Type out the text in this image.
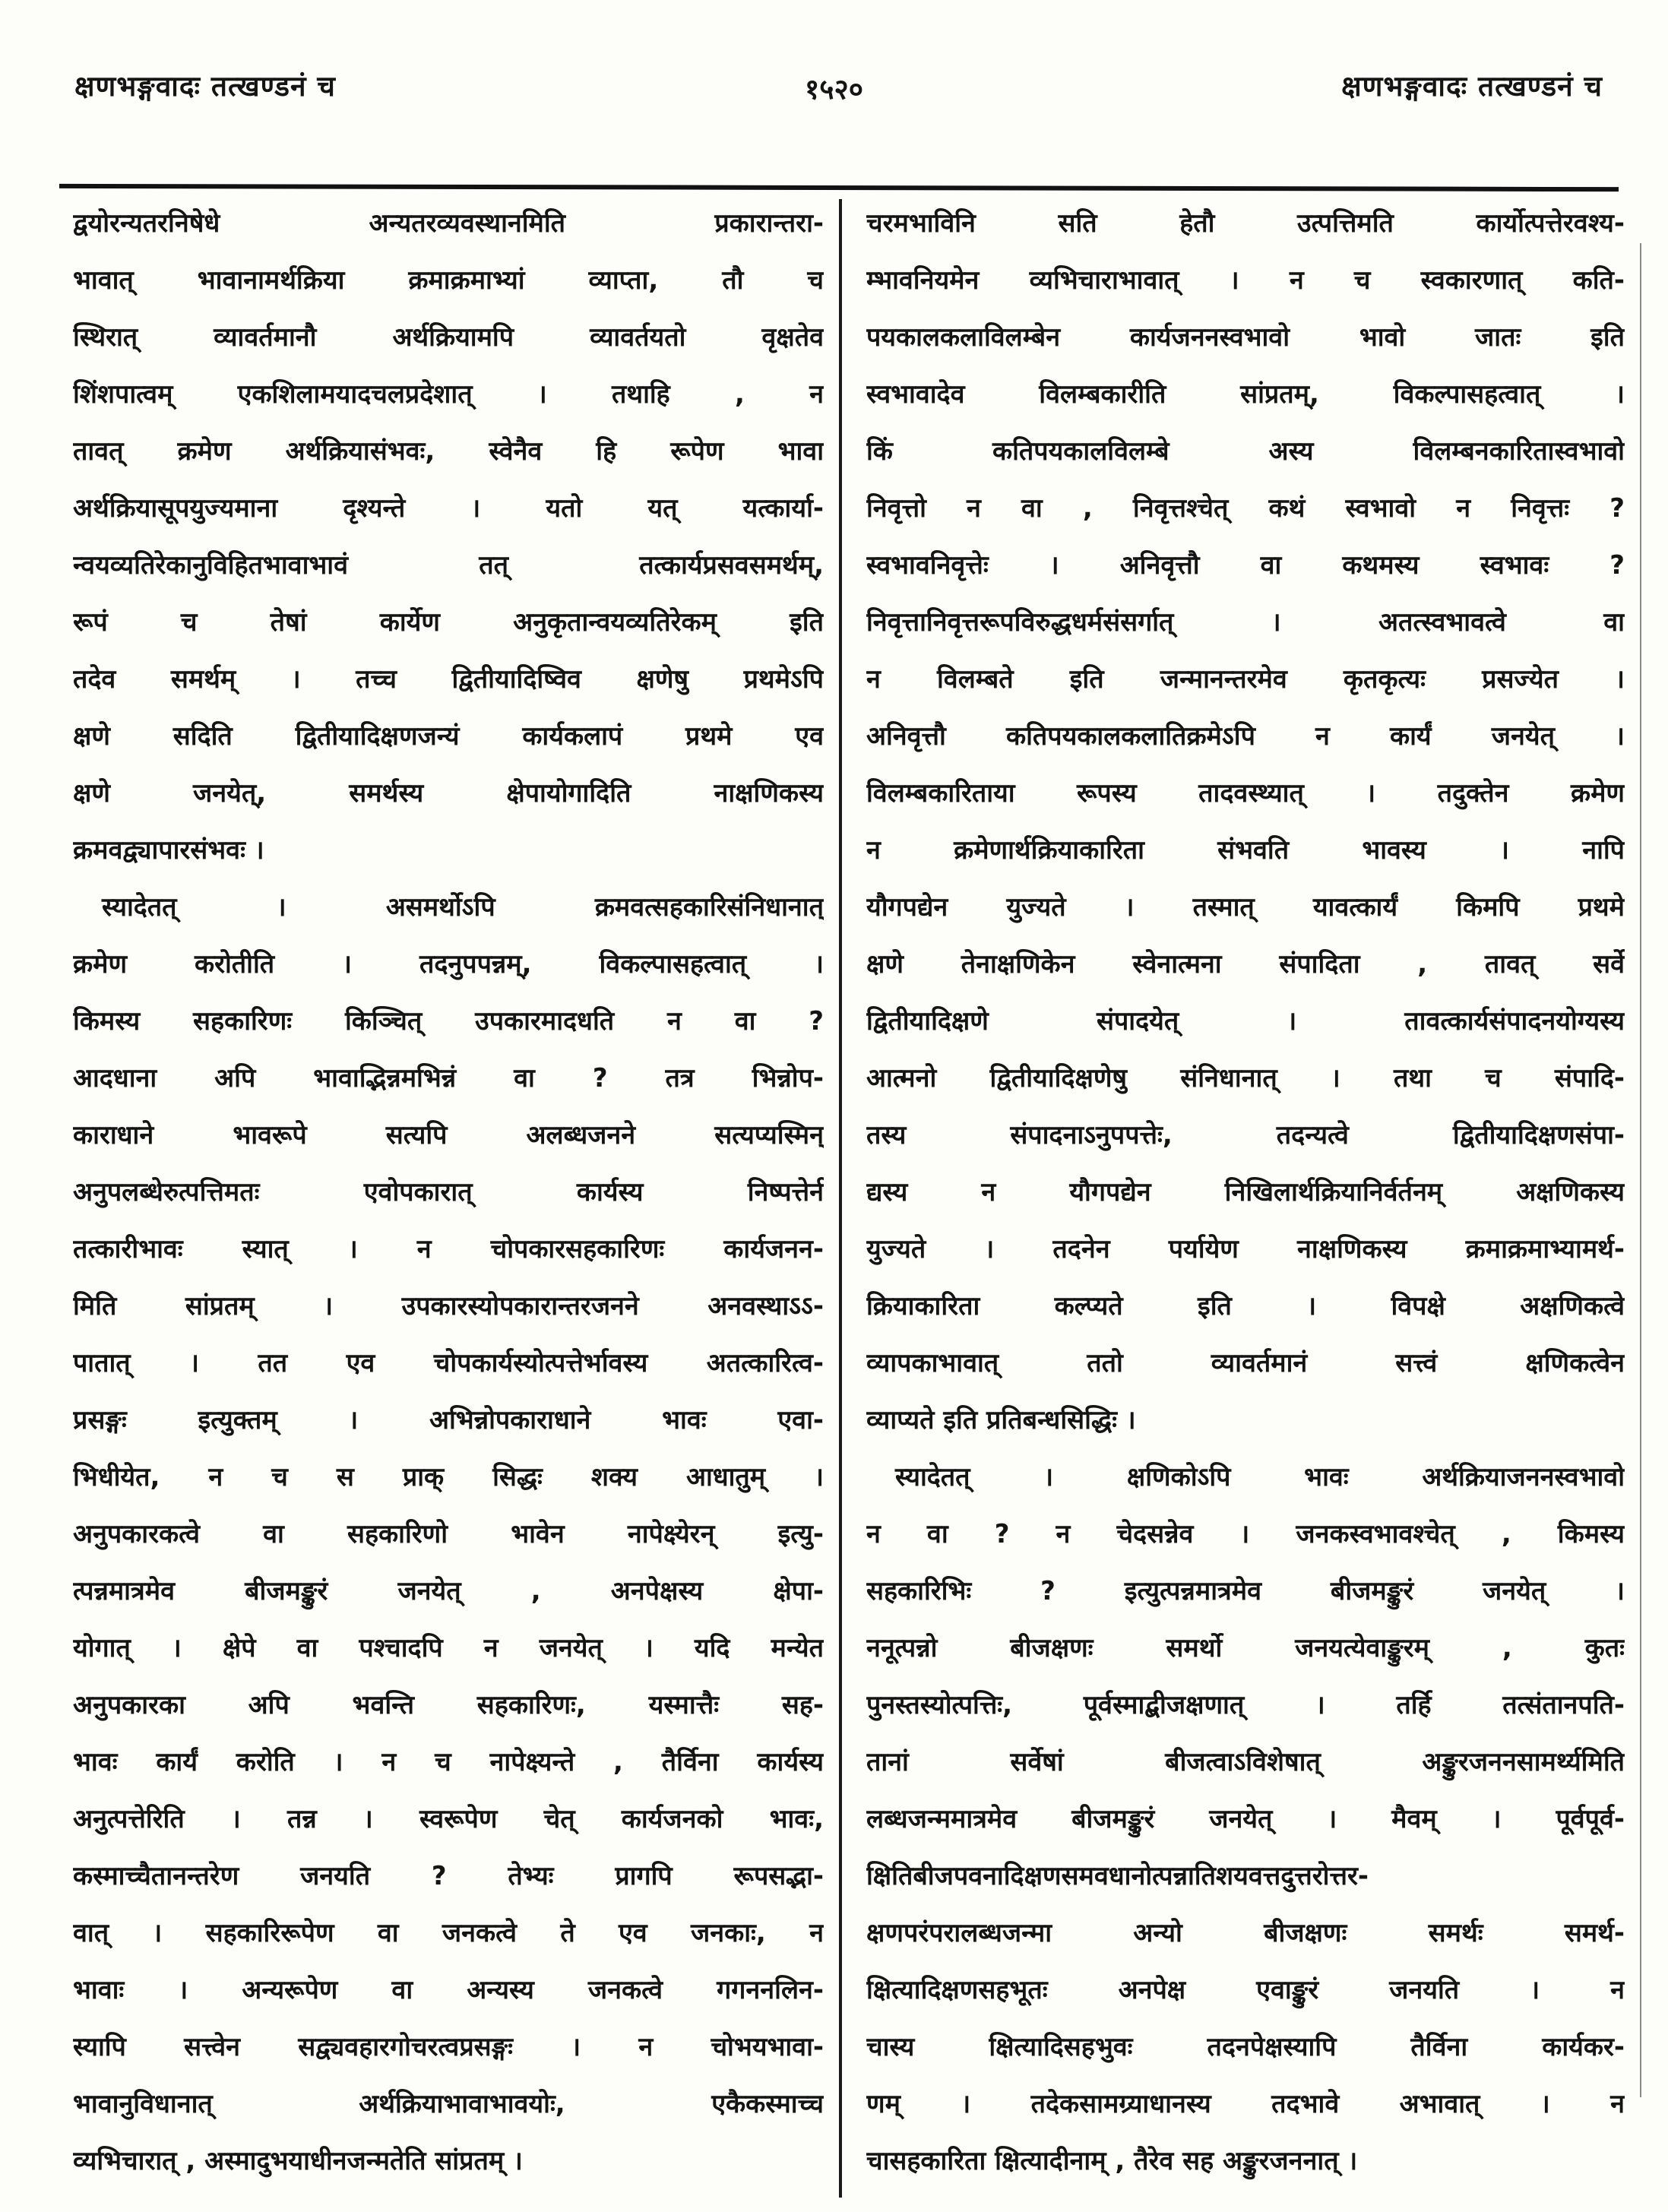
क्षणभङ्गवादः तत्खण्डनं च	१५२०	क्षणभङ्गवादः तत्खण्डनं च
द्वयोरन्यतरनिषेधे अन्यतरव्यवस्थानमिति प्रकारान्तरा-
भावात् भावानामर्थक्रिया क्रमाक्रमाभ्यां व्याप्ता, तौ च
स्थिरात् व्यावर्तमानौ अर्थक्रियामपि व्यावर्तयतो वृक्षतेव
शिंशपात्वम् एकशिलामयादचलप्रदेशात् । तथाहि , न
तावत् क्रमेण अर्थक्रियासंभवः, स्वेनैव हि रूपेण भावा
अर्थक्रियासूपयुज्यमाना दृश्यन्ते । यतो यत् यत्कार्या-
न्वयव्यतिरेकानुविहितभावाभावं तत् तत्कार्यप्रसवसमर्थम्,
रूपं च तेषां कार्येण अनुकृतान्वयव्यतिरेकम् इति
तदेव समर्थम् । तच्च द्वितीयादिष्विव क्षणेषु प्रथमेऽपि
क्षणे सदिति द्वितीयादिक्षणजन्यं कार्यकलापं प्रथमे एव
क्षणे जनयेत्, समर्थस्य क्षेपायोगादिति नाक्षणिकस्य
क्रमवद्व्यापारसंभवः ।
स्यादेतत् । असमर्थोऽपि क्रमवत्सहकारिसंनिधानात्
क्रमेण करोतीति । तदनुपपन्नम्, विकल्पासहत्वात् ।
किमस्य सहकारिणः किञ्चित् उपकारमादधति न वा ?
आदधाना अपि भावाद्भिन्नमभिन्नं वा ? तत्र भिन्नोप-
काराधाने भावरूपे सत्यपि अलब्धजनने सत्यप्यस्मिन्
अनुपलब्धेरुत्पत्तिमतः एवोपकारात् कार्यस्य निष्पत्तेर्न
तत्कारीभावः स्यात् । न चोपकारसहकारिणः कार्यजनन-
मिति सांप्रतम् । उपकारस्योपकारान्तरजनने अनवस्थाऽऽ-
पातात् । तत एव चोपकार्यस्योत्पत्तेर्भावस्य अतत्कारित्व-
प्रसङ्गः इत्युक्तम् । अभिन्नोपकाराधाने भावः एवा-
भिधीयेत, न च स प्राक् सिद्धः शक्य आधातुम् ।
अनुपकारकत्वे वा सहकारिणो भावेन नापेक्ष्येरन् इत्यु-
त्पन्नमात्रमेव बीजमङ्कुरं जनयेत् , अनपेक्षस्य क्षेपा-
योगात् । क्षेपे वा पश्चादपि न जनयेत् । यदि मन्येत
अनुपकारका अपि भवन्ति सहकारिणः, यस्मात्तैः सह-
भावः कार्यं करोति । न च नापेक्ष्यन्ते , तैर्विना कार्यस्य
अनुत्पत्तेरिति । तन्न । स्वरूपेण चेत् कार्यजनको भावः,
कस्माच्चैतानन्तरेण जनयति ? तेभ्यः प्रागपि रूपसद्भा-
वात् । सहकारिरूपेण वा जनकत्वे ते एव जनकाः, न
भावाः । अन्यरूपेण वा अन्यस्य जनकत्वे गगननलिन-
स्यापि सत्त्वेन सद्व्यवहारगोचरत्वप्रसङ्गः । न चोभयभावा-
भावानुविधानात् अर्थक्रियाभावाभावयोः, एकैकस्माच्च
व्यभिचारात् , अस्मादुभयाधीनजन्मतेति सांप्रतम् ।
चरमभाविनि सति हेतौ उत्पत्तिमति कार्योत्पत्तेरवश्य-
म्भावनियमेन व्यभिचाराभावात् । न च स्वकारणात् कति-
पयकालकलाविलम्बेन कार्यजननस्वभावो भावो जातः इति
स्वभावादेव विलम्बकारीति सांप्रतम्, विकल्पासहत्वात् ।
किं कतिपयकालविलम्बे अस्य विलम्बनकारितास्वभावो
निवृत्तो न वा , निवृत्तश्चेत् कथं स्वभावो न निवृत्तः ?
स्वभावनिवृत्तेः । अनिवृत्तौ वा कथमस्य स्वभावः ?
निवृत्तानिवृत्तरूपविरुद्धधर्मसंसर्गात् । अतत्स्वभावत्वे वा
न विलम्बते इति जन्मानन्तरमेव कृतकृत्यः प्रसज्येत ।
अनिवृत्तौ कतिपयकालकलातिक्रमेऽपि न कार्यं जनयेत् ।
विलम्बकारिताया रूपस्य तादवस्थ्यात् । तदुक्तेन क्रमेण
न क्रमेणार्थक्रियाकारिता संभवति भावस्य । नापि
यौगपद्येन युज्यते । तस्मात् यावत्कार्यं किमपि प्रथमे
क्षणे तेनाक्षणिकेन स्वेनात्मना संपादिता , तावत् सर्वे
द्वितीयादिक्षणे संपादयेत् । तावत्कार्यसंपादनयोग्यस्य
आत्मनो द्वितीयादिक्षणेषु संनिधानात् । तथा च संपादि-
तस्य संपादनाऽनुपपत्तेः, तदन्यत्वे द्वितीयादिक्षणसंपा-
द्यस्य न यौगपद्येन निखिलार्थक्रियानिर्वर्तनम् अक्षणिकस्य
युज्यते । तदनेन पर्यायेण नाक्षणिकस्य क्रमाक्रमाभ्यामर्थ-
क्रियाकारिता कल्प्यते इति । विपक्षे अक्षणिकत्वे
व्यापकाभावात् ततो व्यावर्तमानं सत्त्वं क्षणिकत्वेन
व्याप्यते इति प्रतिबन्धसिद्धिः ।
स्यादेतत् । क्षणिकोऽपि भावः अर्थक्रियाजननस्वभावो
न वा ? न चेदसन्नेव । जनकस्वभावश्चेत् , किमस्य
सहकारिभिः ? इत्युत्पन्नमात्रमेव बीजमङ्कुरं जनयेत् ।
ननूत्पन्नो बीजक्षणः समर्थो जनयत्येवाङ्कुरम् , कुतः
पुनस्तस्योत्पत्तिः, पूर्वस्माद्बीजक्षणात् । तर्हि तत्संतानपति-
तानां सर्वेषां बीजत्वाऽविशेषात् अङ्कुरजननसामर्थ्यमिति
लब्धजन्ममात्रमेव बीजमङ्कुरं जनयेत् । मैवम् । पूर्वपूर्व-
क्षितिबीजपवनादिक्षणसमवधानोत्पन्नातिशयवत्तदुत्तरोत्तर-
क्षणपरंपरालब्धजन्मा अन्यो बीजक्षणः समर्थः समर्थ-
क्षित्यादिक्षणसहभूतः अनपेक्ष एवाङ्कुरं जनयति । न
चास्य क्षित्यादिसहभुवः तदनपेक्षस्यापि तैर्विना कार्यकर-
णम् । तदेकसामग्र्याधानस्य तदभावे अभावात् । न
चासहकारिता क्षित्यादीनाम् , तैरेव सह अङ्कुरजननात् ।
